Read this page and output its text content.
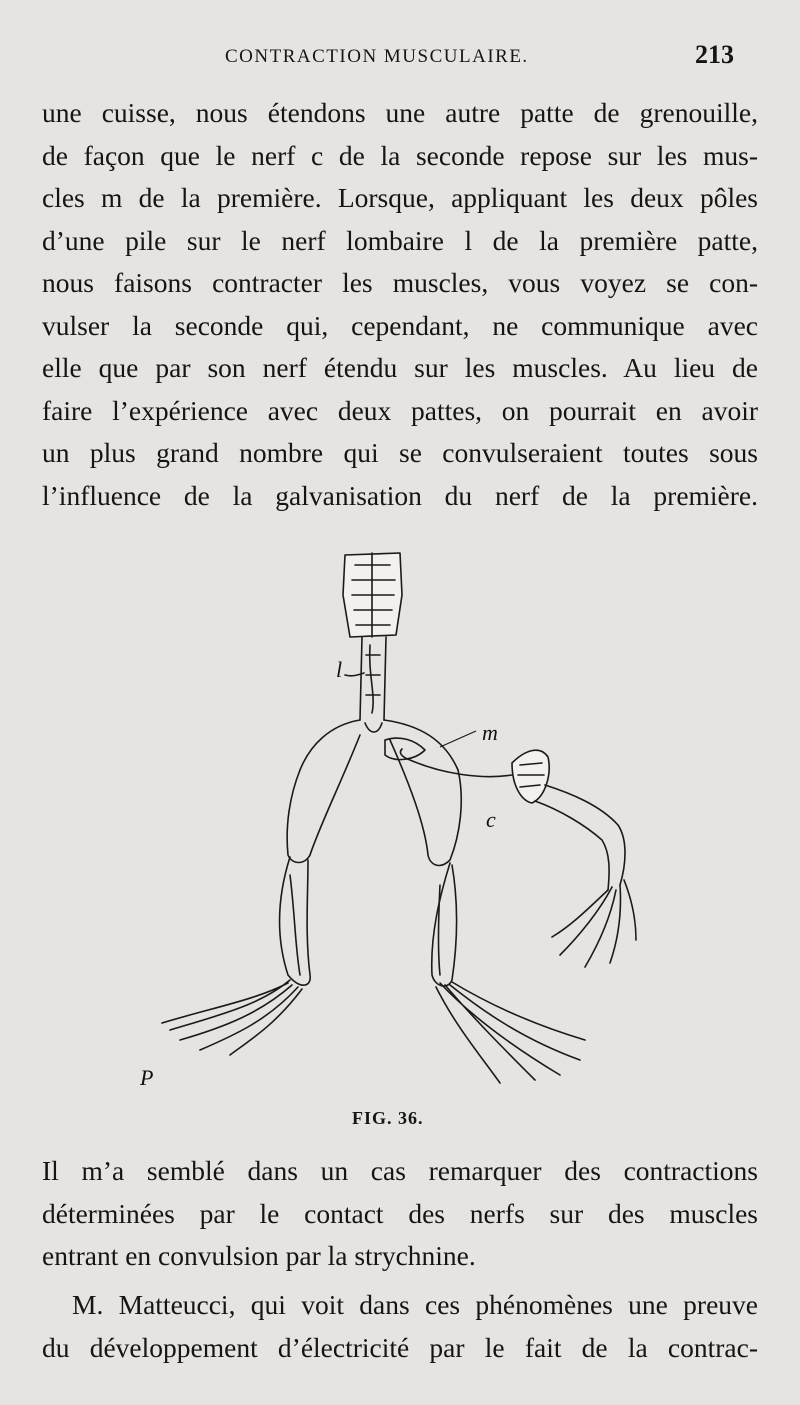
CONTRACTION MUSCULAIRE.	213

une cuisse, nous étendons une autre patte de grenouille,
de façon que le nerf c de la seconde repose sur les mus-
cles m de la première. Lorsque, appliquant les deux pôles
d’une pile sur le nerf lombaire l de la première patte,
nous faisons contracter les muscles, vous voyez se con-
vulser la seconde qui, cependant, ne communique avec
elle que par son nerf étendu sur les muscles. Au lieu de
faire l’expérience avec deux pattes, on pourrait en avoir
un plus grand nombre qui se convulseraient toutes sous
l’influence de la galvanisation du nerf de la première.

l
m
c
P
FIG. 36.

Il m’a semblé dans un cas remarquer des contractions
déterminées par le contact des nerfs sur des muscles
entrant en convulsion par la strychnine.

M. Matteucci, qui voit dans ces phénomènes une preuve
du développement d’électricité par le fait de la contrac-
